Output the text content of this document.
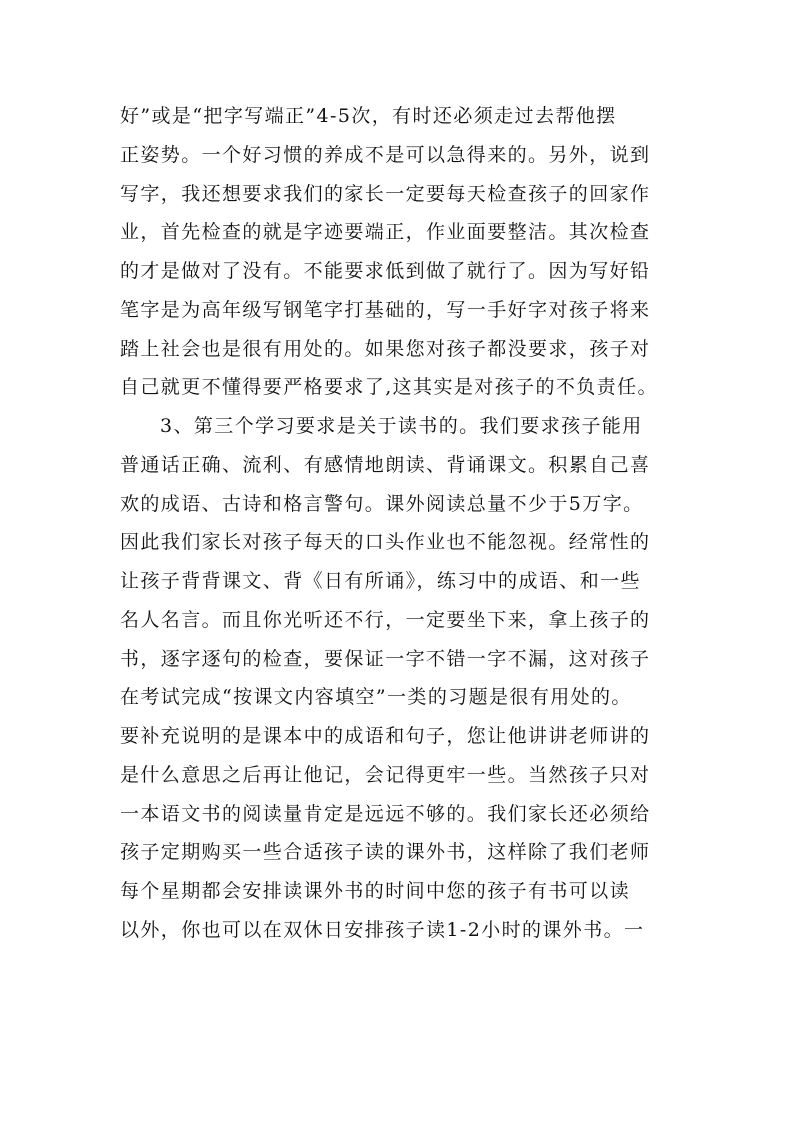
好”或是“把字写端正”4-5次，有时还必须走过去帮他摆
正姿势。一个好习惯的养成不是可以急得来的。另外，说到
写字，我还想要求我们的家长一定要每天检查孩子的回家作
业，首先检查的就是字迹要端正，作业面要整洁。其次检查
的才是做对了没有。不能要求低到做了就行了。因为写好铅
笔字是为高年级写钢笔字打基础的，写一手好字对孩子将来
踏上社会也是很有用处的。如果您对孩子都没要求，孩子对
自己就更不懂得要严格要求了,这其实是对孩子的不负责任。
3、第三个学习要求是关于读书的。我们要求孩子能用
普通话正确、流利、有感情地朗读、背诵课文。积累自己喜
欢的成语、古诗和格言警句。课外阅读总量不少于5万字。
因此我们家长对孩子每天的口头作业也不能忽视。经常性的
让孩子背背课文、背《日有所诵》，练习中的成语、和一些
名人名言。而且你光听还不行，一定要坐下来，拿上孩子的
书，逐字逐句的检查，要保证一字不错一字不漏，这对孩子
在考试完成“按课文内容填空”一类的习题是很有用处的。
要补充说明的是课本中的成语和句子，您让他讲讲老师讲的
是什么意思之后再让他记，会记得更牢一些。当然孩子只对
一本语文书的阅读量肯定是远远不够的。我们家长还必须给
孩子定期购买一些合适孩子读的课外书，这样除了我们老师
每个星期都会安排读课外书的时间中您的孩子有书可以读
以外，你也可以在双休日安排孩子读1-2小时的课外书。一
